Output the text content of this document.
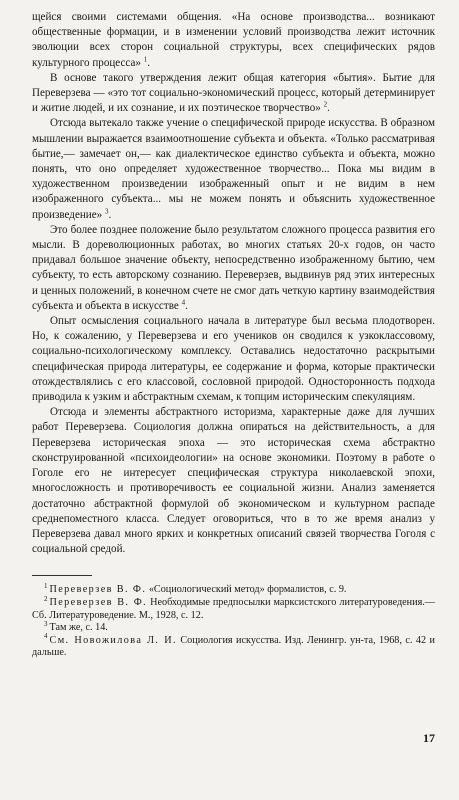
щейся своими системами общения. «На основе производства... возникают общественные формации, и в изменении условий производства лежит источник эволюции всех сторон социальной структуры, всех специфических рядов культурного процесса» $^1$.

В основе такого утверждения лежит общая категория «бытия». Бытие для Переверзева — «это тот социально-экономический процесс, который детерминирует и житие людей, и их сознание, и их поэтическое творчество» $^2$.

Отсюда вытекало также учение о специфической природе искусства. В образном мышлении выражается взаимоотношение субъекта и объекта. «Только рассматривая бытие,— замечает он,— как диалектическое единство субъекта и объекта, можно понять, что оно определяет художественное творчество... Пока мы видим в художественном произведении изображенный опыт и не видим в нем изображенного субъекта... мы не можем понять и объяснить художественное произведение» $^3$.

Это более позднее положение было результатом сложного процесса развития его мысли. В дореволюционных работах, во многих статьях 20-х годов, он часто придавал большое значение объекту, непосредственно изображенному бытию, чем субъекту, то есть авторскому сознанию. Переверзев, выдвинув ряд этих интересных и ценных положений, в конечном счете не смог дать четкую картину взаимодействия субъекта и объекта в искусстве $^4$.

Опыт осмысления социального начала в литературе был весьма плодотворен. Но, к сожалению, у Переверзева и его учеников он сводился к узкоклассовому, социально-психологическому комплексу. Оставались недостаточно раскрытыми специфическая природа литературы, ее содержание и форма, которые практически отождествлялись с его классовой, сословной природой. Односторонность подхода приводила к узким и абстрактным схемам, к топцим историческим спекуляциям.

Отсюда и элементы абстрактного историзма, характерные даже для лучших работ Переверзева. Социология должна опираться на действительность, а для Переверзева историческая эпоха — это историческая схема абстрактно сконструированной «психоидеологии» на основе экономики. Поэтому в работе о Гоголе его не интересует специфическая структура николаевской эпохи, многосложность и противоречивость ее социальной жизни. Анализ заменяется достаточно абстрактной формулой об экономическом и культурном распаде среднепоместного класса. Следует оговориться, что в то же время анализ у Переверзева давал много ярких и конкретных описаний связей творчества Гоголя с социальной средой.

$^1$ Переверзев В. Ф. «Социологический метод» формалистов, с. 9.

$^2$ Переверзев В. Ф. Необходимые предпосылки марксистского литературоведения.— Сб. Литературоведение. М., 1928, с. 12.

$^3$ Там же, с. 14.

$^4$ См. Новожилова Л. И. Социология искусства. Изд. Ленингр. ун-та, 1968, с. 42 и дальше.

17
